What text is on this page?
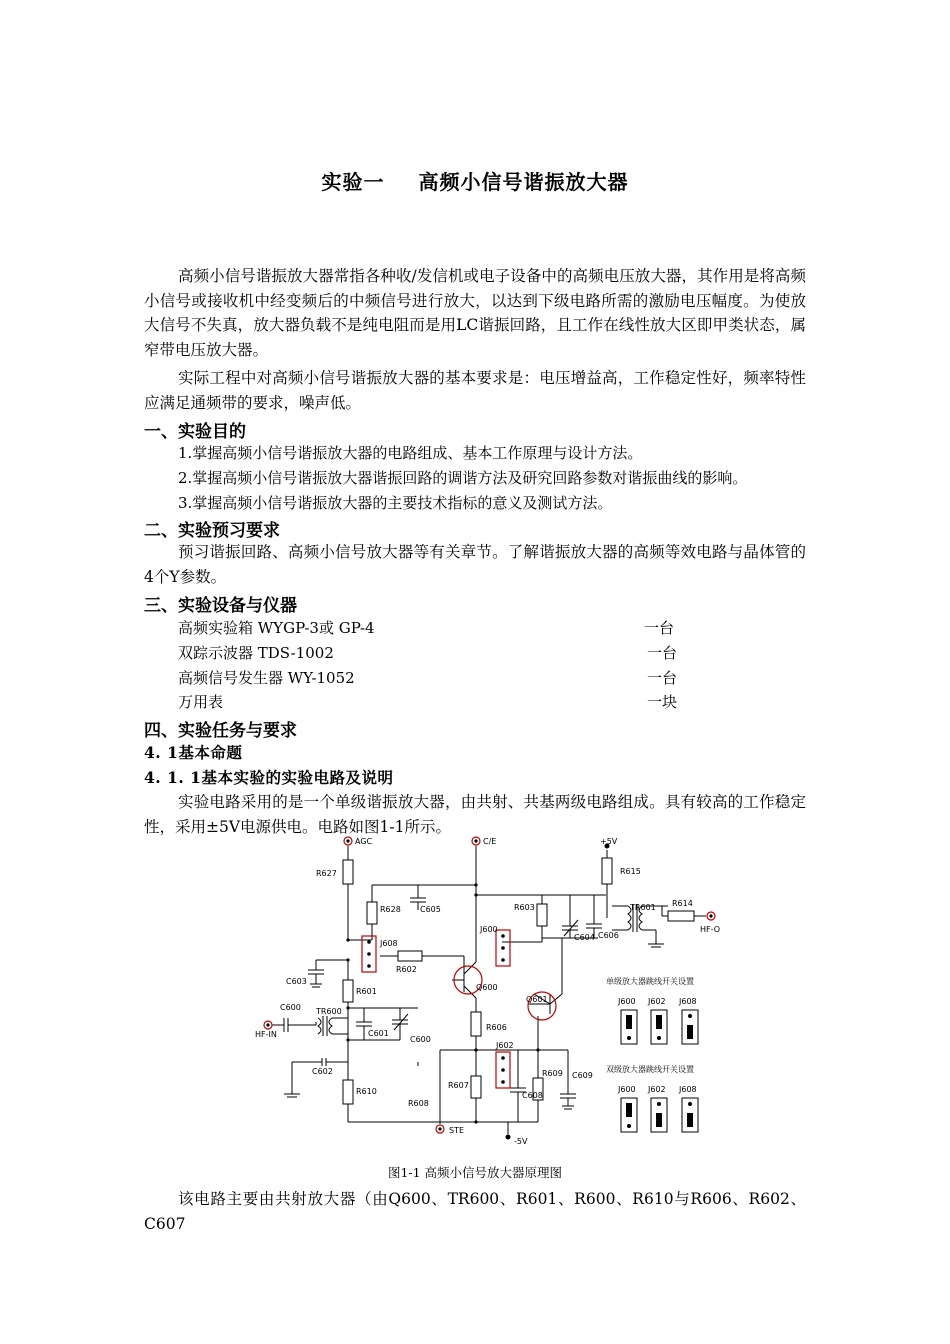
实验一 高频小信号谐振放大器

高频小信号谐振放大器常指各种收/发信机或电子设备中的高频电压放大器，其作用是将高频小信号或接收机中经变频后的中频信号进行放大，以达到下级电路所需的激励电压幅度。为使放大信号不失真，放大器负载不是纯电阻而是用LC谐振回路，且工作在线性放大区即甲类状态，属窄带电压放大器。

实际工程中对高频小信号谐振放大器的基本要求是：电压增益高，工作稳定性好，频率特性应满足通频带的要求，噪声低。

一、实验目的

1.掌握高频小信号谐振放大器的电路组成、基本工作原理与设计方法。

2.掌握高频小信号谐振放大器谐振回路的调谐方法及研究回路参数对谐振曲线的影响。

3.掌握高频小信号谐振放大器的主要技术指标的意义及测试方法。

二、实验预习要求

预习谐振回路、高频小信号放大器等有关章节。了解谐振放大器的高频等效电路与晶体管的4个Y参数。

三、实验设备与仪器

高频实验箱 WYGP-3或 GP-4	一台
双踪示波器 TDS-1002	一台
高频信号发生器 WY-1052	一台
万用表	一块

四、实验任务与要求

4. 1基本命题

4. 1. 1基本实验的实验电路及说明

实验电路采用的是一个单级谐振放大器，由共射、共基两级电路组成。具有较高的工作稳定性，采用±5V电源供电。电路如图1-1所示。

AGC	C/E	+5V
-5V
STE
HF-IN
HF-O
R627
R628 C605	R603
C604 C606
R615
TR601 R614
J608
J600
R602
C603
Q600
Q601
R601
C600 TR600
C601
C600
R606
J602
C602
R610
R607
C608
R609 C609
R608
单级放大器跳线开关设置
J600 J602 J608
双级放大器跳线开关设置
J600 J602 J608
图1-1 高频小信号放大器原理图

该电路主要由共射放大器（由Q600、TR600、R601、R600、R610与R606、R602、C607
